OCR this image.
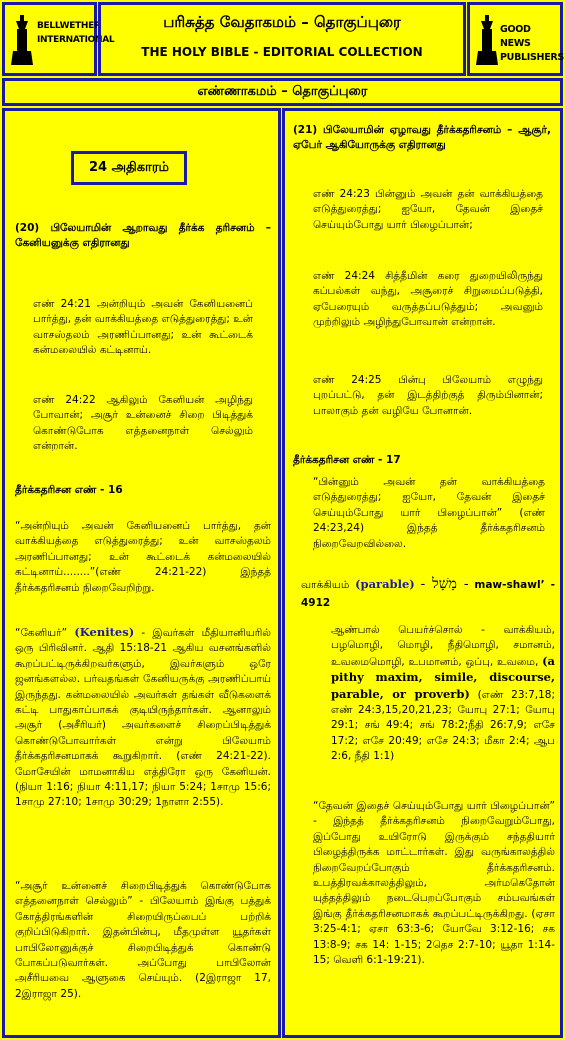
BELLWETHER
INTERNATIONAL
பரிசுத்த வேதாகமம் – தொகுப்புரை
THE HOLY BIBLE - EDITORIAL COLLECTION
GOOD NEWS
PUBLISHERS
எண்ணாகமம் – தொகுப்புரை
24 அதிகாரம்
(20) பிலேயாமின் ஆறாவது தீர்க்க தரிசனம் – கேனியனுக்கு எதிரானது
எண் 24:21 அன்றியும் அவன் கேனியனைப் பார்த்து, தன் வாக்கியத்தை எடுத்துரைத்து; உன் வாசஸ்தலம் அரணிப்பானது; உன் கூட்டைக் கன்மலையில் கட்டினாய்.
எண் 24:22 ஆகிலும் கேனியன் அழிந்து போவான்; அசூர் உன்னைச் சிறை பிடித்துக் கொண்டுபோக எத்தனைநாள் செல்லும் என்றான்.
தீர்க்கதரிசன எண் - 16
“அன்றியும் அவன் கேனியனைப் பார்த்து, தன் வாக்கியத்தை எடுத்துரைத்து; உன் வாசஸ்தலம் அரணிப்பானது; உன் கூட்டைக் கன்மலையில் கட்டினாய்........”(எண் 24:21-22) இந்தத் தீர்க்கதரிசனம் நிறைவேறிற்று.
“கேனியர்” (Kenites) - இவர்கள் மீதியானியரில் ஒரு பிரிவினர். ஆதி 15:18-21 ஆகிய வசனங்களில் கூறப்பட்டிருக்கிறவர்களும், இவர்களும் ஒரே ஜனங்களல்ல. பர்வதங்கள் கேனியருக்கு அரணிப்பாய் இருந்தது. கன்மலையில் அவர்கள் தங்கள் வீடுகளைக் கட்டி பாதுகாப்பாகக் குடியிருந்தார்கள். ஆனாலும் அசூர் (அசீரியர்) அவர்களைச் சிறைப்பிடித்துக் கொண்டுபோவார்கள் என்று பிலேயாம் தீர்க்கதரிசனமாகக் கூறுகிறார். (எண் 24:21-22). மோசேயின் மாமனாகிய எத்திரோ ஒரு கேனியன். (நியா 1:16; நியா 4:11,17; நியா 5:24; 1சாமு 15:6; 1சாமு 27:10; 1சாமு 30:29; 1நாளா 2:55).
“அசூர் உன்னைச் சிறைபிடித்துக் கொண்டுபோக எத்தனைநாள் செல்லும்” - பிலேயாம் இங்கு பத்துக் கோத்திரங்களின் சிறையிருப்பைப் பற்றிக் குறிப்பிடுகிறார். இதன்பின்பு, மீதமுள்ள யூதர்கள் பாபிலோனுக்குச் சிறைபிடித்துக் கொண்டு போகப்படுவார்கள். அப்போது பாபிலோன் அசீரியவை ஆளுகை செய்யும். (2இராஜா 17, 2இராஜா 25).
(21) பிலேயாமின் ஏழாவது தீர்க்கதரிசனம் – ஆசூர், ஏபேர் ஆகியோருக்கு எதிரானது
எண் 24:23 பின்னும் அவன் தன் வாக்கியத்தை எடுத்துரைத்து; ஐயோ, தேவன் இதைச் செய்யும்போது யார் பிழைப்பான்;
எண் 24:24 சித்தீமின் கரை துறையிலிருந்து கப்பல்கள் வந்து, அசூரைச் சிறுமைப்படுத்தி, ஏபேரையும் வருத்தப்படுத்தும்; அவனும் முற்றிலும் அழிந்துபோவான் என்றான்.
எண் 24:25 பின்பு பிலேயாம் எழுந்து புறப்பட்டு, தன் இடத்திற்குத் திரும்பினான்; பாலாகும் தன் வழியே போனான்.
தீர்க்கதரிசன எண் - 17
“பின்னும் அவன் தன் வாக்கியத்தை எடுத்துரைத்து; ஐயோ, தேவன் இதைச் செய்யும்போது யார் பிழைப்பான்” (எண் 24:23,24) இந்தத் தீர்க்கதரிசனம் நிறைவேறவில்லை.
வாக்கியம் (parable) - מָשָׁל - maw-shawl’ - 4912
ஆண்பால் பெயர்ச்சொல் - வாக்கியம், பழமொழி, மொழி, நீதிமொழி, சமானம், உவமைமொழி, உபமானம், ஒப்பு, உவமை, (a pithy maxim, simile, discourse, parable, or proverb) (எண் 23:7,18; எண் 24:3,15,20,21,23; யோபு 27:1; யோபு 29:1; சங் 49:4; சங் 78:2;நீதி 26:7,9; எசே 17:2; எசே 20:49; எசே 24:3; மீகா 2:4; ஆப 2:6, நீதி 1:1)
“தேவன் இதைச் செய்யும்போது யார் பிழைப்பான்” - இந்தத் தீர்க்கதரிசனம் நிறைவேறும்போது, இப்போது உயிரோடு இருக்கும் சந்ததியார் பிழைத்திருக்க மாட்டார்கள். இது வருங்காலத்தில் நிறைவேறப்போகும் தீர்க்கதரிசனம். உபத்திரவக்காலத்திலும், அர்மகெதோன் யுத்தத்திலும் நடைபெறப்போகும் சம்பவங்கள் இங்கு தீர்க்கதரிசனமாகக் கூறப்பட்டிருக்கிறது. (ஏசா 3:25-4:1; ஏசா 63:3-6; யோவே 3:12-16; சக 13:8-9; சக 14: 1-15; 2தெச 2:7-10; யூதா 1:14-15; வெளி 6:1-19:21).
